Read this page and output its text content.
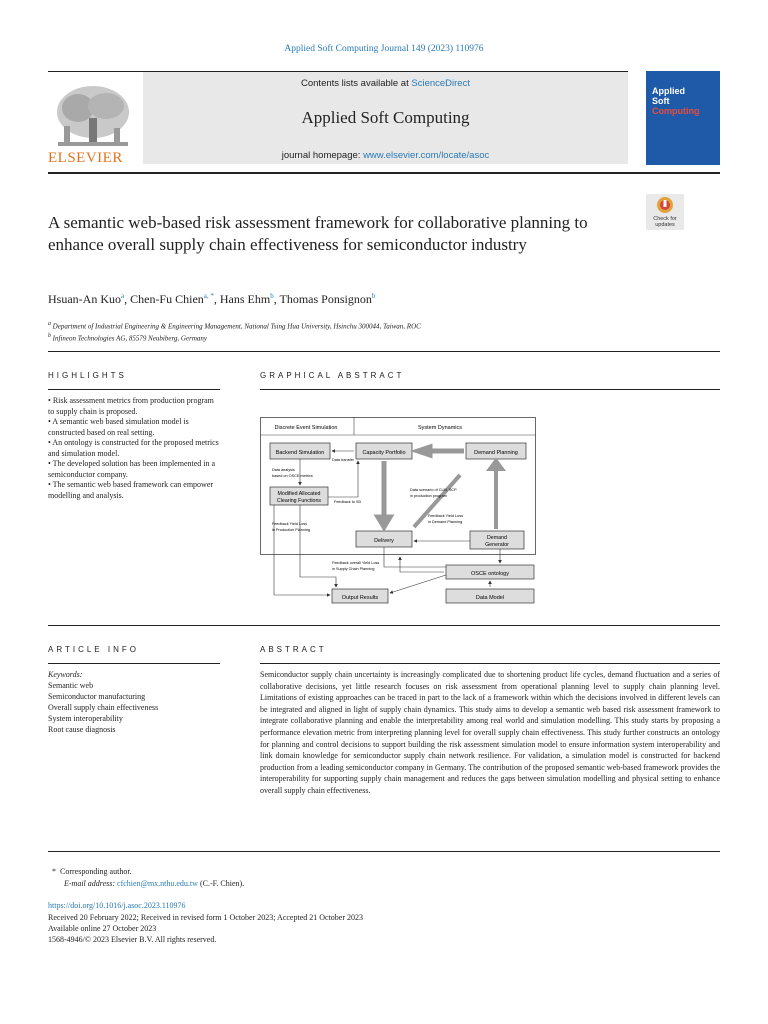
Applied Soft Computing Journal 149 (2023) 110976
ELSEVIER
Contents lists available at ScienceDirect
Applied Soft Computing
journal homepage: www.elsevier.com/locate/asoc
Applied
Soft
Computing
A semantic web-based risk assessment framework for collaborative planning to enhance overall supply chain effectiveness for semiconductor industry
Check for
updates
Hsuan-An Kuo$^a$, Chen-Fu Chien$^{a, *}$, Hans Ehm$^b$, Thomas Ponsignon$^b$
$^a$ Department of Industrial Engineering & Engineering Management, National Tsing Hua University, Hsinchu 300044, Taiwan, ROC
$^b$ Infineon Technologies AG, 85579 Neubiberg, Germany
HIGHLIGHTS
• Risk assessment metrics from production program to supply chain is proposed.
• A semantic web based simulation model is constructed based on real setting.
• An ontology is constructed for the proposed metrics and simulation model.
• The developed solution has been implemented in a semiconductor company.
• The semantic web based framework can empower modelling and analysis.
GRAPHICAL ABSTRACT
Discrete Event Simulation	System Dynamics
Backend Simulation	Capacity Portfolio	Demand Planning
Modified Allocated
Clearing Functions
Delivery	Demand
Generator
OSCE ontology
Output Results	Data Model
Data transfer
Data analysis
based on OSCE metrics
Feedback to SD
Data scenario of CLM, SCP
in production program
Feedback Yield Loss
in Demand Planning
Feedback Yield Loss
in Production Planning
Feedback overall Yield Loss
in Supply Chain Planning
ARTICLE INFO
Keywords:
Semantic web
Semiconductor manufacturing
Overall supply chain effectiveness
System interoperability
Root cause diagnosis
ABSTRACT
Semiconductor supply chain uncertainty is increasingly complicated due to shortening product life cycles, demand fluctuation and a series of collaborative decisions, yet little research focuses on risk assessment from operational planning level to supply chain planning level. Limitations of existing approaches can be traced in part to the lack of a framework within which the decisions involved in different levels can be integrated and aligned in light of supply chain dynamics. This study aims to develop a semantic web based risk assessment framework to integrate collaborative planning and enable the interpretability among real world and simulation modelling. This study starts by proposing a performance elevation metric from interpreting planning level for overall supply chain effectiveness. This study further constructs an ontology for planning and control decisions to support building the risk assessment simulation model to ensure information system interoperability and link domain knowledge for semiconductor supply chain network resilience. For validation, a simulation model is constructed for backend production from a leading semiconductor company in Germany. The contribution of the proposed semantic web-based framework provides the interoperability for supporting supply chain management and reduces the gaps between simulation modelling and physical setting to enhance overall supply chain effectiveness.
* Corresponding author.
E-mail address: cfchien@mx.nthu.edu.tw (C.-F. Chien).
https://doi.org/10.1016/j.asoc.2023.110976
Received 20 February 2022; Received in revised form 1 October 2023; Accepted 21 October 2023
Available online 27 October 2023
1568-4946/© 2023 Elsevier B.V. All rights reserved.
